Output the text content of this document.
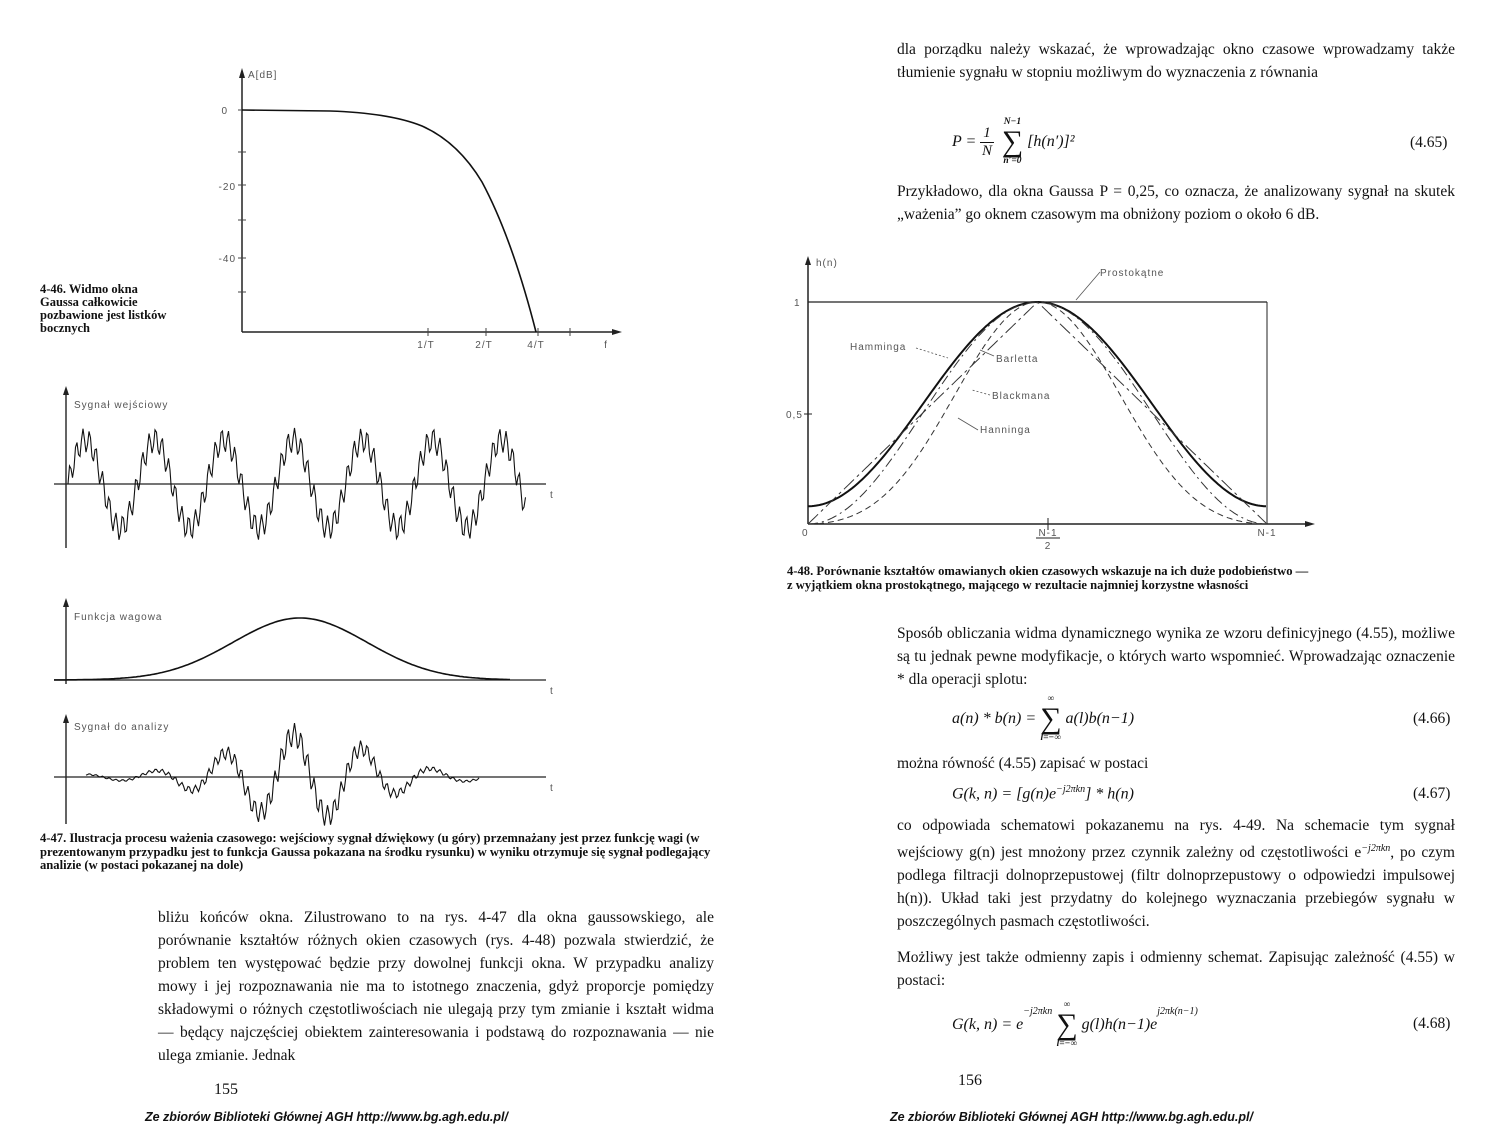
A[dB]
0
-20
-40
1/T	2/T	4/T	f
4-46. Widmo okna Gaussa całkowicie pozbawione jest listków bocznych
Sygnał wejściowy
t
Funkcja wagowa
t
Sygnał do analizy
t
4-47. Ilustracja procesu ważenia czasowego: wejściowy sygnał dźwiękowy (u góry) przemnażany jest przez funkcję wagi (w prezentowanym przypadku jest to funkcja Gaussa pokazana na środku rysunku) w wyniku otrzymuje się sygnał podlegający analizie (w postaci pokazanej na dole)
bliżu końców okna. Zilustrowano to na rys. 4-47 dla okna gaussowskiego, ale porównanie kształtów różnych okien czasowych (rys. 4-48) pozwala stwierdzić, że problem ten występować będzie przy dowolnej funkcji okna. W przypadku analizy mowy i jej rozpoznawania nie ma to istotnego znaczenia, gdyż proporcje pomiędzy składowymi o różnych częstotliwościach nie ulegają przy tym zmianie i kształt widma — będący najczęściej obiektem zainteresowania i podstawą do rozpoznawania — nie ulega zmianie. Jednak
155
Ze zbiorów Biblioteki Głównej AGH http://www.bg.agh.edu.pl/
dla porządku należy wskazać, że wprowadzając okno czasowe wprowadzamy także tłumienie sygnału w stopniu możliwym do wyznaczenia z równania
$P = \frac{1}{N}$
N−1
∑
n′=0
[h(n′)]²	(4.65)
Przykładowo, dla okna Gaussa P = 0,25, co oznacza, że analizowany sygnał na skutek „ważenia” go oknem czasowym ma obniżony poziom o około 6 dB.
h(n)
1
0,5
0	N-1
2
N-1
Prostokątne
Hamminga
Barletta
Blackmana
Hanninga
4-48. Porównanie kształtów omawianych okien czasowych wskazuje na ich duże podobieństwo —
z wyjątkiem okna prostokątnego, mającego w rezultacie najmniej korzystne własności
Sposób obliczania widma dynamicznego wynika ze wzoru definicyjnego (4.55), możliwe są tu jednak pewne modyfikacje, o których warto wspomnieć. Wprowadzając oznaczenie * dla operacji splotu:
a(n) * b(n) =
∞
∑
l=−∞
a(l)b(n−1)	(4.66)
można równość (4.55) zapisać w postaci
G(k, $n) = [g(n)e^{-j2\pi kn}] * h(n)$	(4.67)
co odpowiada schematowi pokazanemu na rys. 4-49. Na schemacie tym sygnał wejściowy g(n) jest mnożony przez czynnik zależny od częstotliwości $e^{-j2\pi kn}$, po czym podlega filtracji dolnoprzepustowej (filtr dolnoprzepustowy o odpowiedzi impulsowej h(n)). Układ taki jest przydatny do kolejnego wyznaczania przebiegów sygnału w poszczególnych pasmach częstotliwości.
Możliwy jest także odmienny zapis i odmienny schemat. Zapisując zależność (4.55) w postaci:
G(k, n) = e
$^{-j2\pi kn}$
∞
∑
l=−∞
g(l)h(n−1)e
$^{j2\pi k(n-1)}$
(4.68)
156
Ze zbiorów Biblioteki Głównej AGH http://www.bg.agh.edu.pl/
